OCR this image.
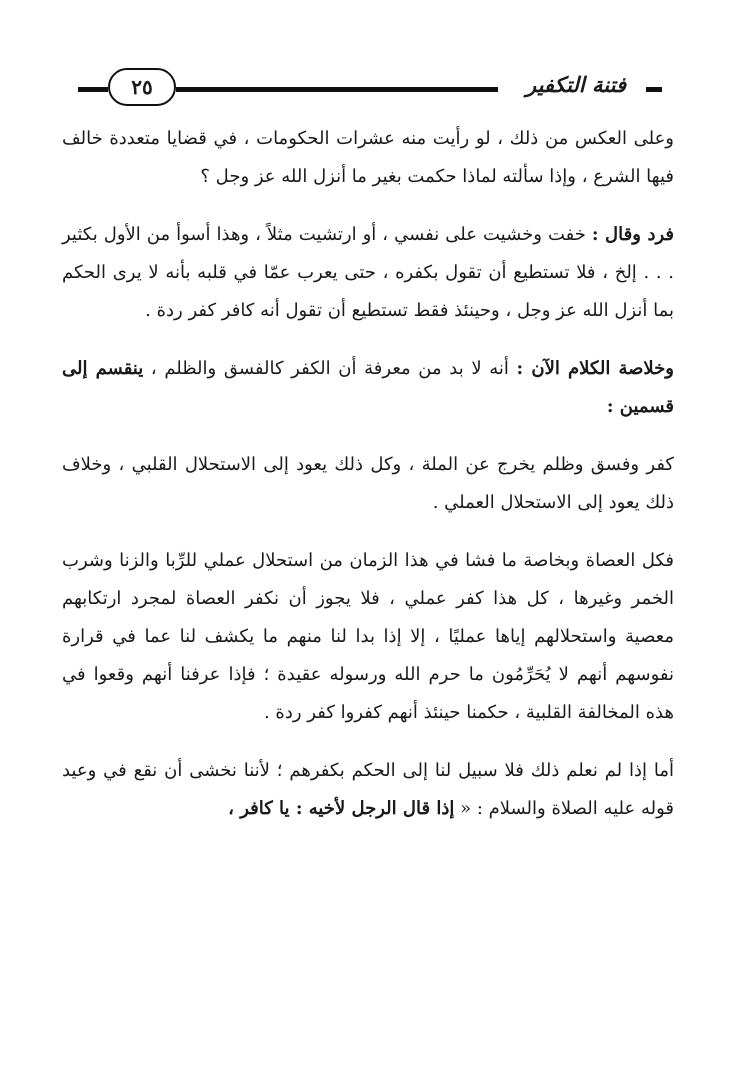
٢٥	فتنة التكفير

وعلى العكس من ذلك ، لو رأيت منه عشرات الحكومات ، في قضايا متعددة خالف فيها الشرع ، وإذا سألته لماذا حكمت بغير ما أنزل الله عز وجل ؟

فرد وقال : خفت وخشيت على نفسي ، أو ارتشيت مثلاً ، وهذا أسوأ من الأول بكثير . . . إلخ ، فلا تستطيع أن تقول بكفره ، حتى يعرب عمّا في قلبه بأنه لا يرى الحكم بما أنزل الله عز وجل ، وحينئذ فقط تستطيع أن تقول أنه كافر كفر ردة .

وخلاصة الكلام الآن : أنه لا بد من معرفة أن الكفر كالفسق والظلم ، ينقسم إلى قسمين :

كفر وفسق وظلم يخرج عن الملة ، وكل ذلك يعود إلى الاستحلال القلبي ، وخلاف ذلك يعود إلى الاستحلال العملي .

فكل العصاة وبخاصة ما فشا في هذا الزمان من استحلال عملي للرِّبا والزنا وشرب الخمر وغيرها ، كل هذا كفر عملي ، فلا يجوز أن نكفر العصاة لمجرد ارتكابهم معصية واستحلالهم إياها عمليًا ، إلا إذا بدا لنا منهم ما يكشف لنا عما في قرارة نفوسهم أنهم لا يُحَرِّمُون ما حرم الله ورسوله عقيدة ؛ فإذا عرفنا أنهم وقعوا في هذه المخالفة القلبية ، حكمنا حينئذ أنهم كفروا كفر ردة .

أما إذا لم نعلم ذلك فلا سبيل لنا إلى الحكم بكفرهم ؛ لأننا نخشى أن نقع في وعيد قوله عليه الصلاة والسلام : « إذا قال الرجل لأخيه : يا كافر ،
